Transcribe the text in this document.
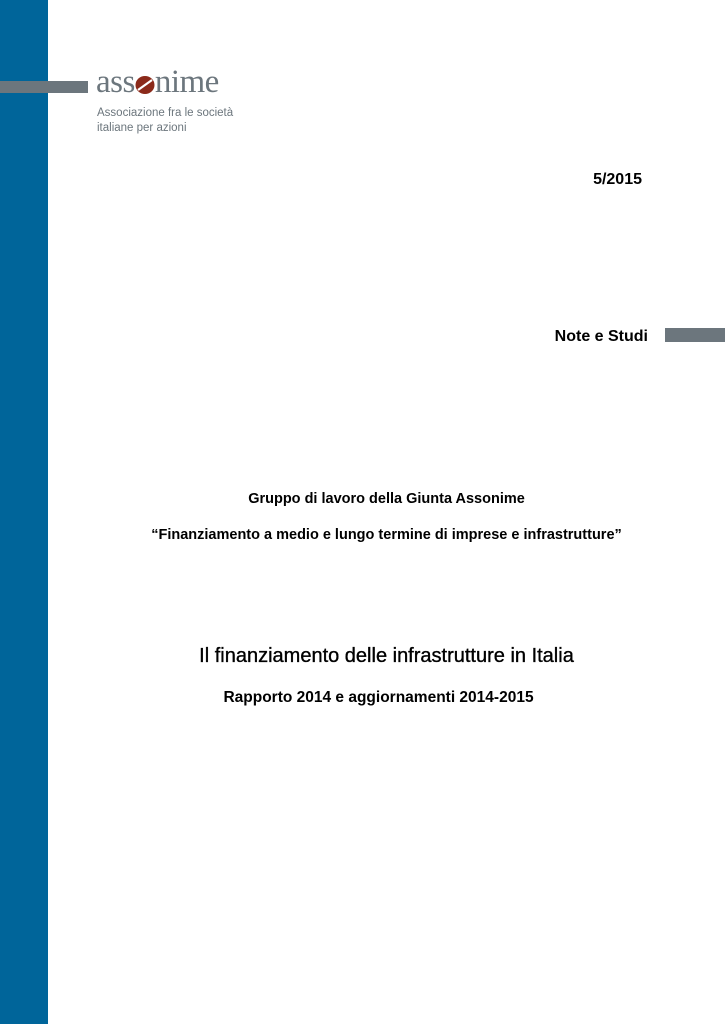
ass nime
Associazione fra le società
italiane per azioni
5/2015
Note e Studi
Gruppo di lavoro della Giunta Assonime
“Finanziamento a medio e lungo termine di imprese e infrastrutture”
Il finanziamento delle infrastrutture in Italia
Rapporto 2014 e aggiornamenti 2014-2015
